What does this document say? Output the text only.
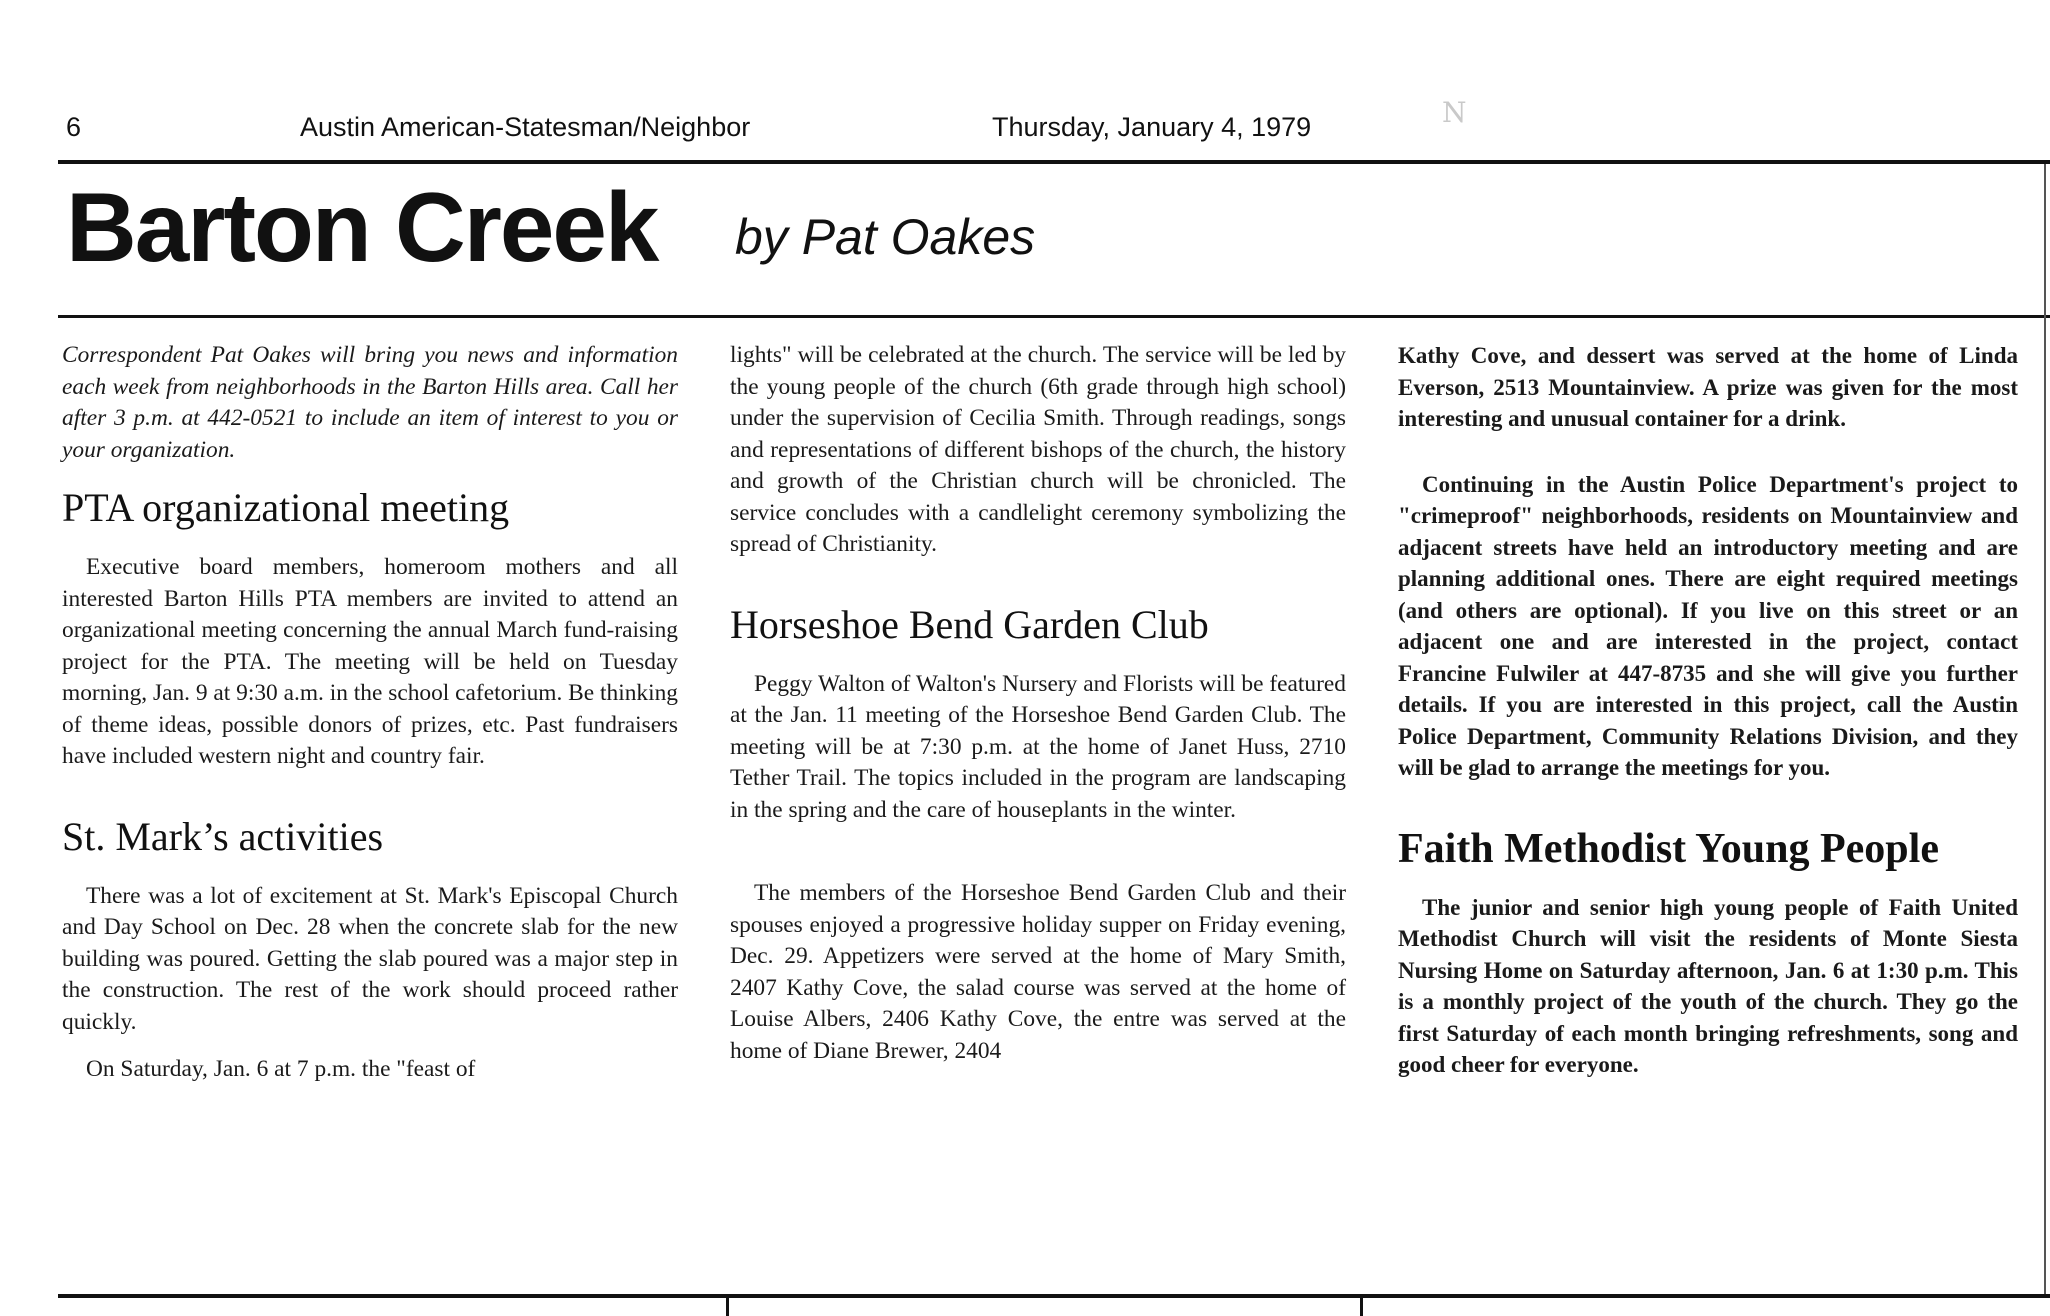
6	Austin American-Statesman/Neighbor	Thursday, January 4, 1979	N
Barton Creek by Pat Oakes

Correspondent Pat Oakes will bring you news and information each week from neighborhoods in the Barton Hills area. Call her after 3 p.m. at 442-0521 to include an item of interest to you or your organization.

PTA organizational meeting

Executive board members, homeroom mothers and all interested Barton Hills PTA members are invited to attend an organizational meeting concerning the annual March fund-raising project for the PTA. The meeting will be held on Tuesday morning, Jan. 9 at 9:30 a.m. in the school cafetorium. Be thinking of theme ideas, possible donors of prizes, etc. Past fundraisers have included western night and country fair.

St. Mark’s activities

There was a lot of excitement at St. Mark's Episcopal Church and Day School on Dec. 28 when the concrete slab for the new building was poured. Getting the slab poured was a major step in the construction. The rest of the work should proceed rather quickly.

On Saturday, Jan. 6 at 7 p.m. the "feast of

lights" will be celebrated at the church. The service will be led by the young people of the church (6th grade through high school) under the supervision of Cecilia Smith. Through readings, songs and representations of different bishops of the church, the history and growth of the Christian church will be chronicled. The service concludes with a candlelight ceremony symbolizing the spread of Christianity.

Horseshoe Bend Garden Club

Peggy Walton of Walton's Nursery and Florists will be featured at the Jan. 11 meeting of the Horseshoe Bend Garden Club. The meeting will be at 7:30 p.m. at the home of Janet Huss, 2710 Tether Trail. The topics included in the program are landscaping in the spring and the care of houseplants in the winter.

The members of the Horseshoe Bend Garden Club and their spouses enjoyed a progressive holiday supper on Friday evening, Dec. 29. Appetizers were served at the home of Mary Smith, 2407 Kathy Cove, the salad course was served at the home of Louise Albers, 2406 Kathy Cove, the entre was served at the home of Diane Brewer, 2404

Kathy Cove, and dessert was served at the home of Linda Everson, 2513 Mountainview. A prize was given for the most interesting and unusual container for a drink.

Continuing in the Austin Police Department's project to "crimeproof" neighborhoods, residents on Mountainview and adjacent streets have held an introductory meeting and are planning additional ones. There are eight required meetings (and others are optional). If you live on this street or an adjacent one and are interested in the project, contact Francine Fulwiler at 447-8735 and she will give you further details. If you are interested in this project, call the Austin Police Department, Community Relations Division, and they will be glad to arrange the meetings for you.

Faith Methodist Young People

The junior and senior high young people of Faith United Methodist Church will visit the residents of Monte Siesta Nursing Home on Saturday afternoon, Jan. 6 at 1:30 p.m. This is a monthly project of the youth of the church. They go the first Saturday of each month bringing refreshments, song and good cheer for everyone.
